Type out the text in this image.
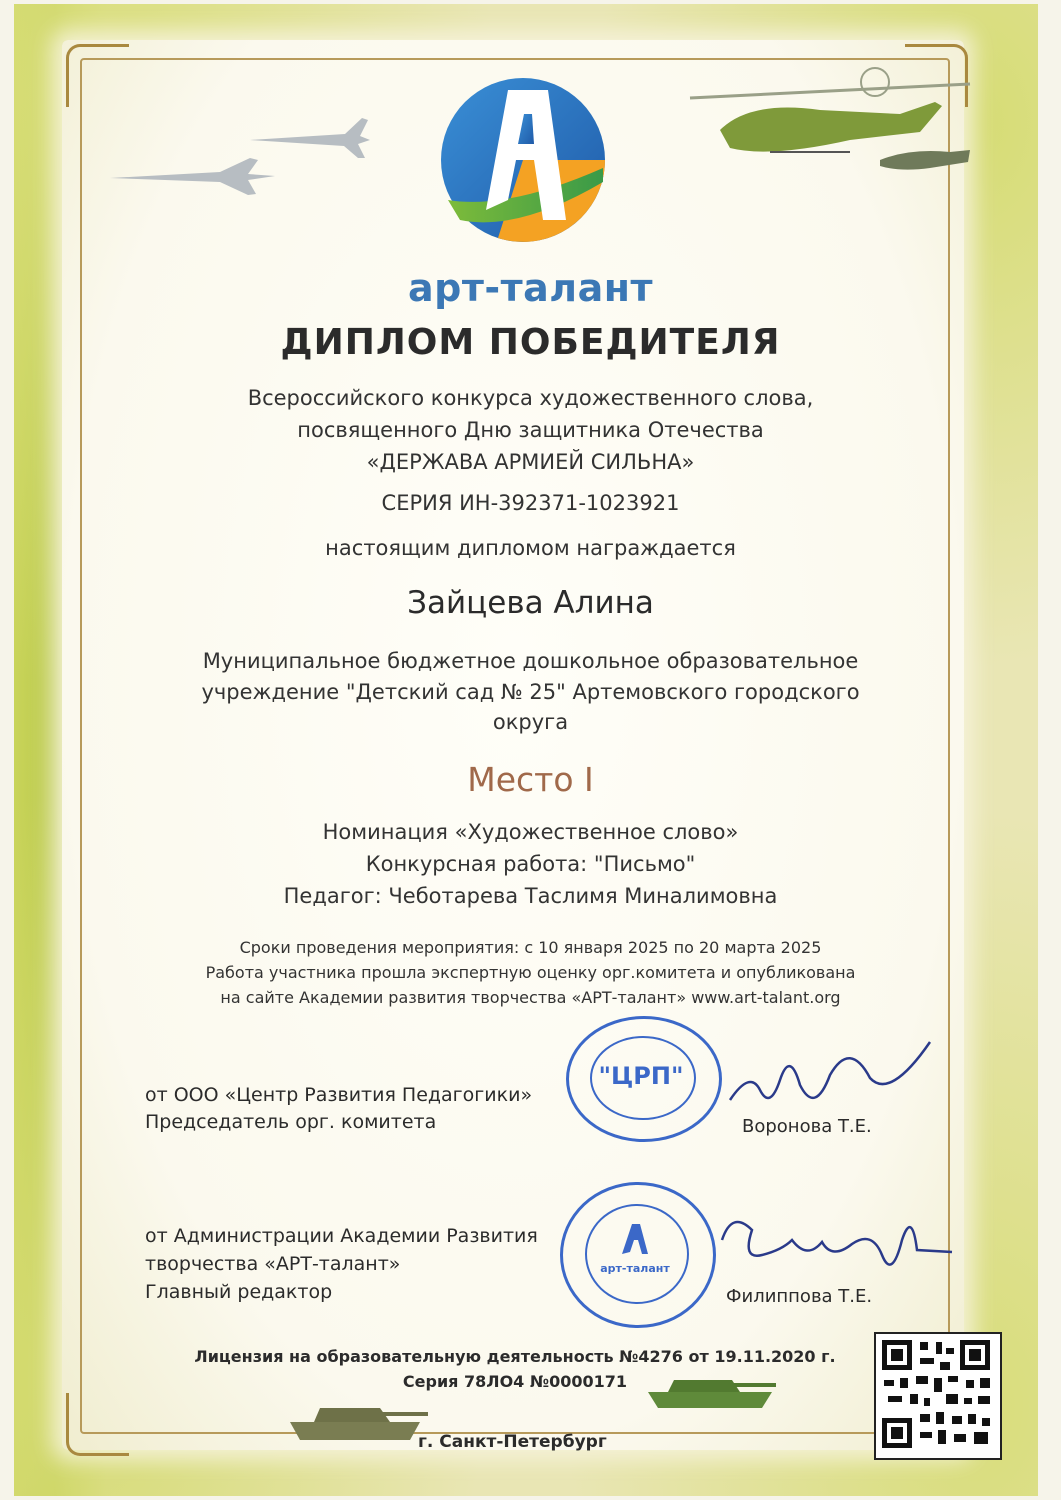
арт-талант
ДИПЛОМ ПОБЕДИТЕЛЯ
Всероссийского конкурса художественного слова,
посвященного Дню защитника Отечества
«ДЕРЖАВА АРМИЕЙ СИЛЬНА»
СЕРИЯ ИН-392371-1023921
настоящим дипломом награждается
Зайцева Алина
Муниципальное бюджетное дошкольное образовательное
учреждение "Детский сад № 25" Артемовского городского
округа
Место I
Номинация «Художественное слово»
Конкурсная работа: "Письмо"
Педагог: Чеботарева Таслимя Миналимовна
Сроки проведения мероприятия: с 10 января 2025 по 20 марта 2025
Работа участника прошла экспертную оценку орг.комитета и опубликована
на сайте Академии развития творчества «АРТ-талант» www.art-talant.org
от ООО «Центр Развития Педагогики»
Председатель орг. комитета
"ЦРП"
Воронова Т.Е.
от Администрации Академии Развития
творчества «АРТ-талант»
Главный редактор
арт-талант
Филиппова Т.Е.
Лицензия на образовательную деятельность №4276 от 19.11.2020 г.
Серия 78ЛО4 №0000171
г. Санкт-Петербург
